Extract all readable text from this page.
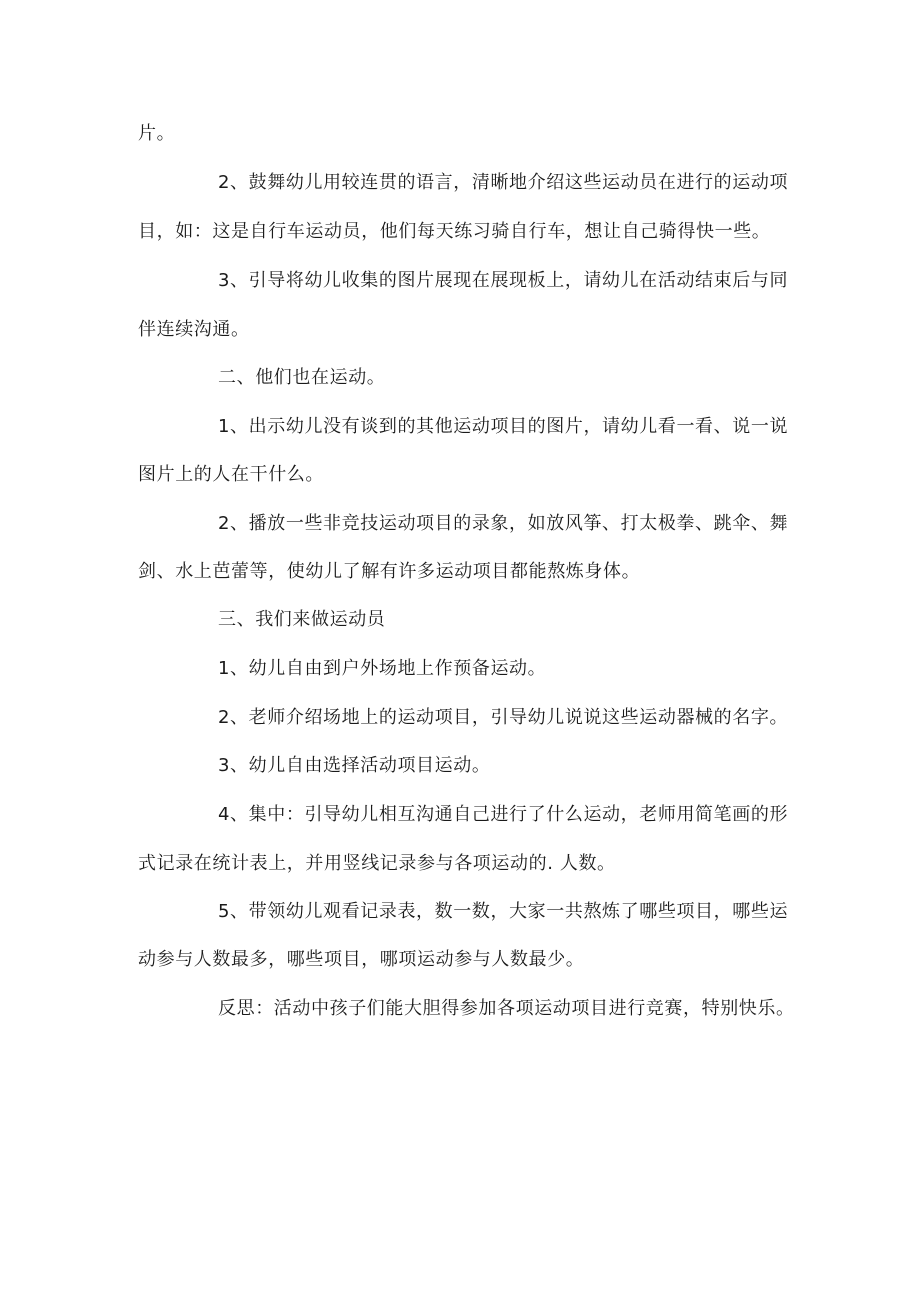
片。

2、鼓舞幼儿用较连贯的语言，清晰地介绍这些运动员在进行的运动项

目，如：这是自行车运动员，他们每天练习骑自行车，想让自己骑得快一些。

3、引导将幼儿收集的图片展现在展现板上，请幼儿在活动结束后与同

伴连续沟通。

二、他们也在运动。

1、出示幼儿没有谈到的其他运动项目的图片，请幼儿看一看、说一说

图片上的人在干什么。

2、播放一些非竞技运动项目的录象，如放风筝、打太极拳、跳伞、舞

剑、水上芭蕾等，使幼儿了解有许多运动项目都能熬炼身体。

三、我们来做运动员

1、幼儿自由到户外场地上作预备运动。

2、老师介绍场地上的运动项目，引导幼儿说说这些运动器械的名字。

3、幼儿自由选择活动项目运动。

4、集中：引导幼儿相互沟通自己进行了什么运动，老师用简笔画的形

式记录在统计表上，并用竖线记录参与各项运动的. 人数。

5、带领幼儿观看记录表，数一数，大家一共熬炼了哪些项目，哪些运

动参与人数最多，哪些项目，哪项运动参与人数最少。

反思：活动中孩子们能大胆得参加各项运动项目进行竞赛，特别快乐。
